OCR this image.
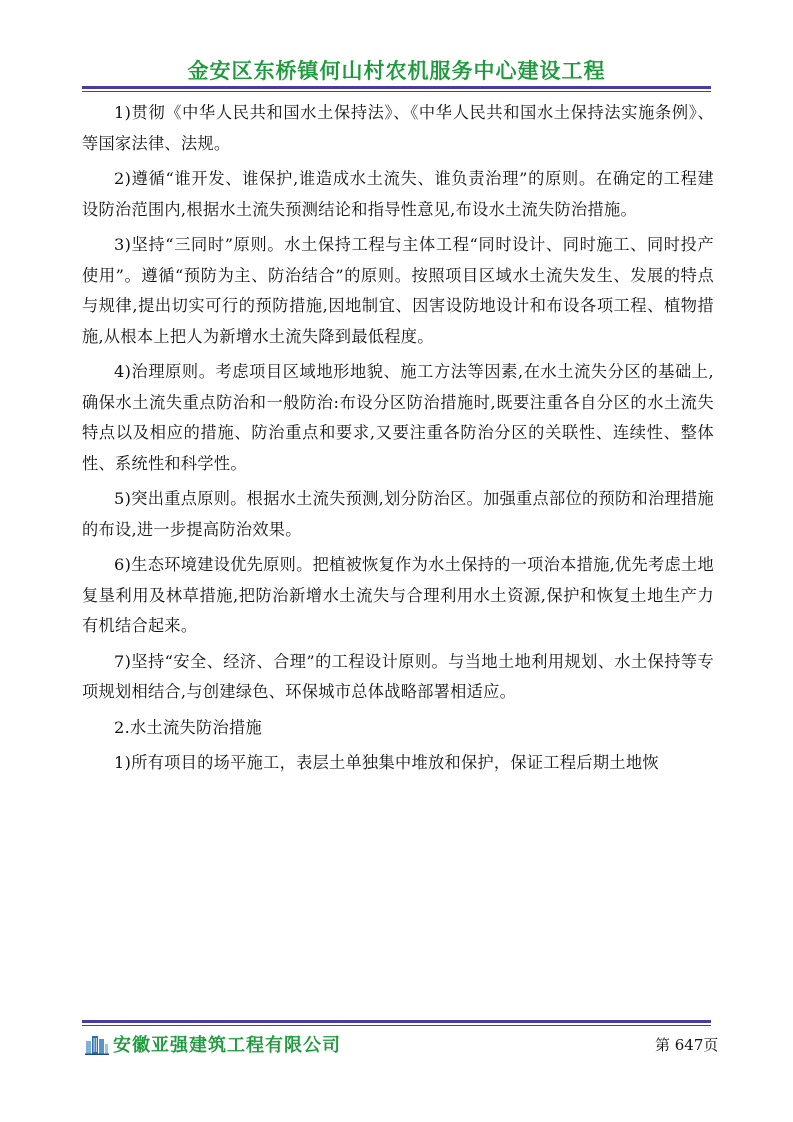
金安区东桥镇何山村农机服务中心建设工程

1)贯彻《中华人民共和国水土保持法》、《中华人民共和国水土保持法实施条例》、等国家法律、法规。

2)遵循“谁开发、谁保护,谁造成水土流失、谁负责治理”的原则。在确定的工程建设防治范围内,根据水土流失预测结论和指导性意见,布设水土流失防治措施。

3)坚持“三同时”原则。水土保持工程与主体工程“同时设计、同时施工、同时投产使用”。遵循“预防为主、防治结合”的原则。按照项目区域水土流失发生、发展的特点与规律,提出切实可行的预防措施,因地制宜、因害设防地设计和布设各项工程、植物措施,从根本上把人为新增水土流失降到最低程度。

4)治理原则。考虑项目区域地形地貌、施工方法等因素,在水土流失分区的基础上,确保水土流失重点防治和一般防治:布设分区防治措施时,既要注重各自分区的水土流失特点以及相应的措施、防治重点和要求,又要注重各防治分区的关联性、连续性、整体性、系统性和科学性。

5)突出重点原则。根据水土流失预测,划分防治区。加强重点部位的预防和治理措施的布设,进一步提高防治效果。

6)生态环境建设优先原则。把植被恢复作为水土保持的一项治本措施,优先考虑土地复垦利用及林草措施,把防治新增水土流失与合理利用水土资源,保护和恢复土地生产力有机结合起来。

7)坚持“安全、经济、合理”的工程设计原则。与当地土地利用规划、水土保持等专项规划相结合,与创建绿色、环保城市总体战略部署相适应。

2.水土流失防治措施

1)所有项目的场平施工，表层土单独集中堆放和保护，保证工程后期土地恢

安徽亚强建筑工程有限公司	第 647页
